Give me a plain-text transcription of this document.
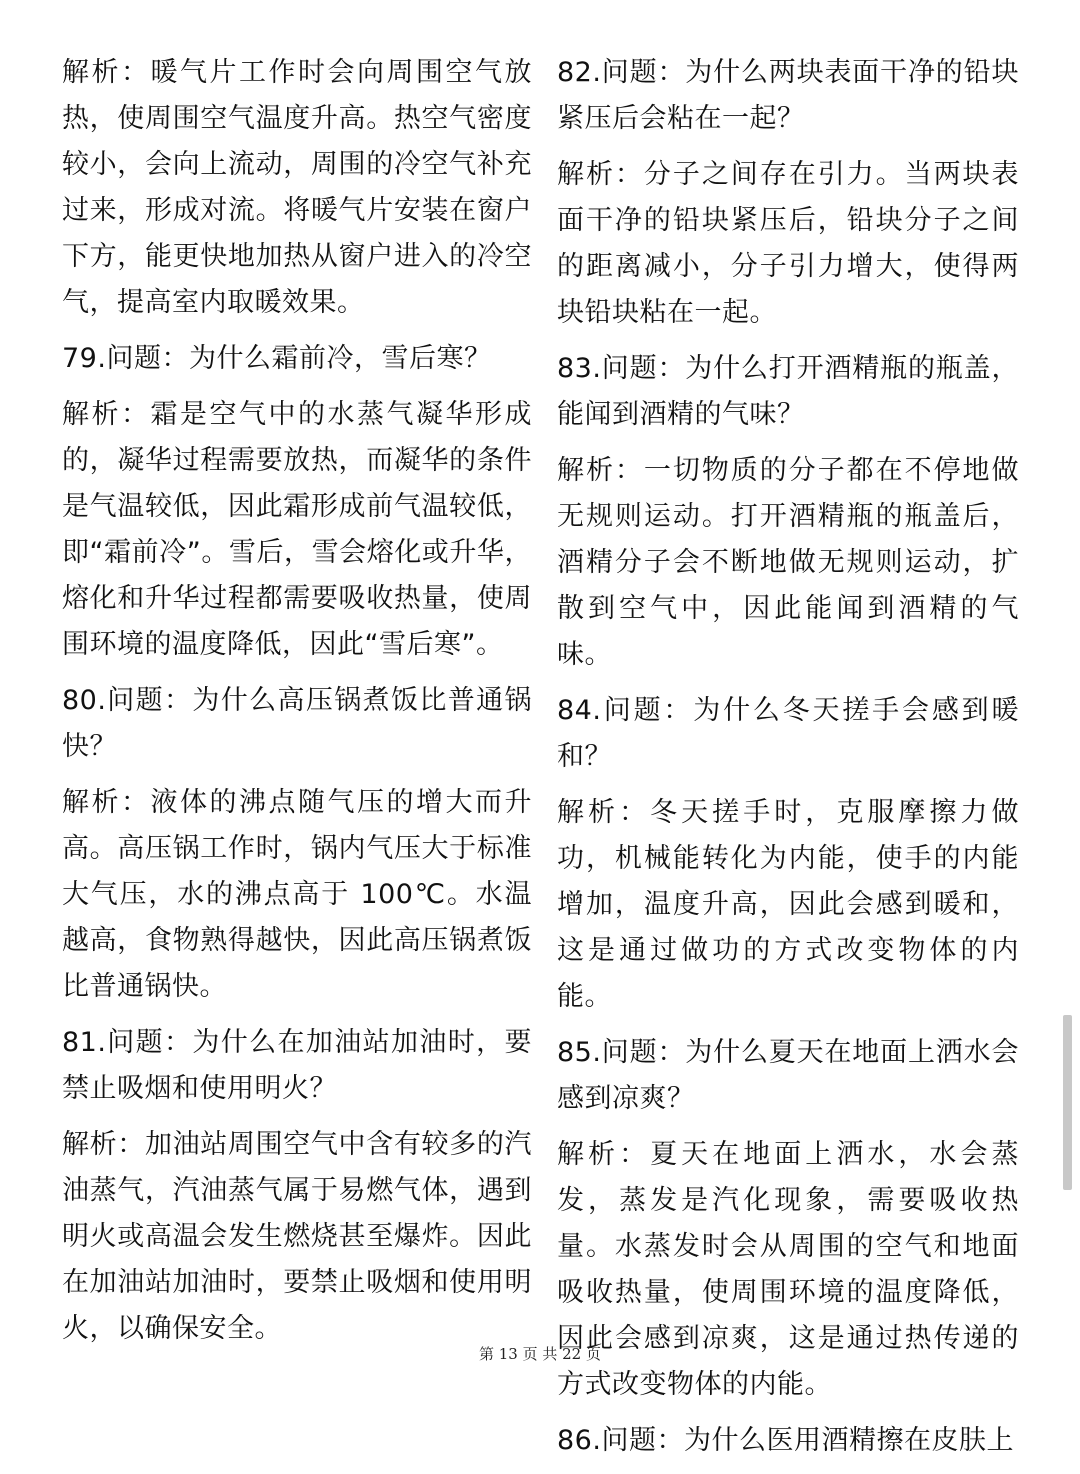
解析：暖气片工作时会向周围空气放热，使周围空气温度升高。热空气密度较小，会向上流动，周围的冷空气补充过来，形成对流。将暖气片安装在窗户下方，能更快地加热从窗户进入的冷空气，提高室内取暖效果。

79.问题：为什么霜前冷，雪后寒？

解析：霜是空气中的水蒸气凝华形成的，凝华过程需要放热，而凝华的条件是气温较低，因此霜形成前气温较低，即“霜前冷”。雪后，雪会熔化或升华，熔化和升华过程都需要吸收热量，使周围环境的温度降低，因此“雪后寒”。

80.问题：为什么高压锅煮饭比普通锅快？

解析：液体的沸点随气压的增大而升高。高压锅工作时，锅内气压大于标准大气压，水的沸点高于 100℃。水温越高，食物熟得越快，因此高压锅煮饭比普通锅快。

81.问题：为什么在加油站加油时，要禁止吸烟和使用明火？

解析：加油站周围空气中含有较多的汽油蒸气，汽油蒸气属于易燃气体，遇到明火或高温会发生燃烧甚至爆炸。因此在加油站加油时，要禁止吸烟和使用明火，以确保安全。

82.问题：为什么两块表面干净的铅块紧压后会粘在一起？

解析：分子之间存在引力。当两块表面干净的铅块紧压后，铅块分子之间的距离减小，分子引力增大，使得两块铅块粘在一起。

83.问题：为什么打开酒精瓶的瓶盖，能闻到酒精的气味？

解析：一切物质的分子都在不停地做无规则运动。打开酒精瓶的瓶盖后，酒精分子会不断地做无规则运动，扩散到空气中，因此能闻到酒精的气味。

84.问题：为什么冬天搓手会感到暖和？

解析：冬天搓手时，克服摩擦力做功，机械能转化为内能，使手的内能增加，温度升高，因此会感到暖和，这是通过做功的方式改变物体的内能。

85.问题：为什么夏天在地面上洒水会感到凉爽？

解析：夏天在地面上洒水，水会蒸发，蒸发是汽化现象，需要吸收热量。水蒸发时会从周围的空气和地面吸收热量，使周围环境的温度降低，因此会感到凉爽，这是通过热传递的方式改变物体的内能。

86.问题：为什么医用酒精擦在皮肤上

第 13 页 共 22 页
